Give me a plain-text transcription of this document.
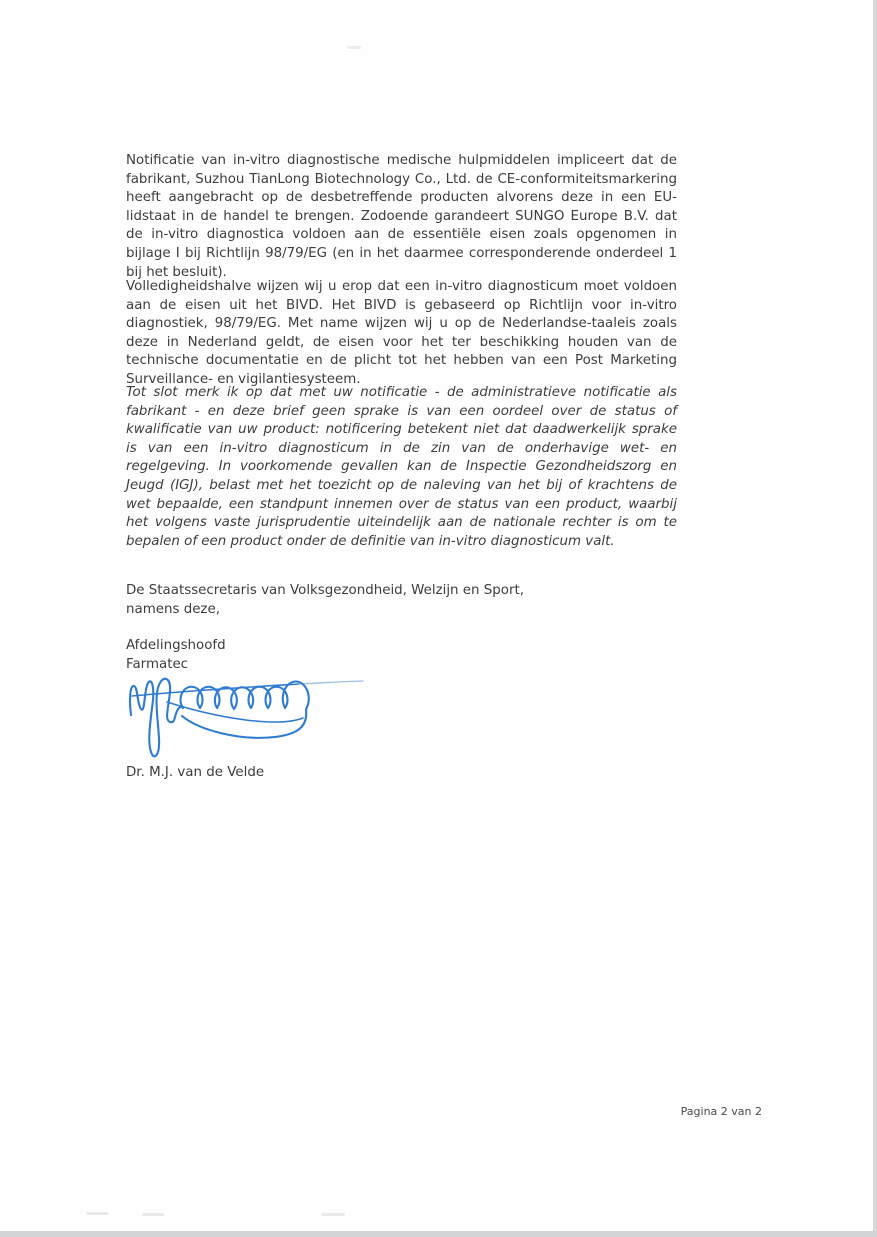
Notificatie van in-vitro diagnostische medische hulpmiddelen impliceert dat de fabrikant, Suzhou TianLong Biotechnology Co., Ltd. de CE-conformiteitsmarkering heeft aangebracht op de desbetreffende producten alvorens deze in een EU-lidstaat in de handel te brengen. Zodoende garandeert SUNGO Europe B.V. dat de in-vitro diagnostica voldoen aan de essentiële eisen zoals opgenomen in bijlage I bij Richtlijn 98/79/EG (en in het daarmee corresponderende onderdeel 1 bij het besluit).

Volledigheidshalve wijzen wij u erop dat een in-vitro diagnosticum moet voldoen aan de eisen uit het BIVD. Het BIVD is gebaseerd op Richtlijn voor in-vitro diagnostiek, 98/79/EG. Met name wijzen wij u op de Nederlandse-taaleis zoals deze in Nederland geldt, de eisen voor het ter beschikking houden van de technische documentatie en de plicht tot het hebben van een Post Marketing Surveillance- en vigilantiesysteem.

Tot slot merk ik op dat met uw notificatie - de administratieve notificatie als fabrikant - en deze brief geen sprake is van een oordeel over de status of kwalificatie van uw product: notificering betekent niet dat daadwerkelijk sprake is van een in-vitro diagnosticum in de zin van de onderhavige wet- en regelgeving. In voorkomende gevallen kan de Inspectie Gezondheidszorg en Jeugd (IGJ), belast met het toezicht op de naleving van het bij of krachtens de wet bepaalde, een standpunt innemen over de status van een product, waarbij het volgens vaste jurisprudentie uiteindelijk aan de nationale rechter is om te bepalen of een product onder de definitie van in-vitro diagnosticum valt.

De Staatssecretaris van Volksgezondheid, Welzijn en Sport,
namens deze,
Afdelingshoofd
Farmatec
Dr. M.J. van de Velde
Pagina 2 van 2
